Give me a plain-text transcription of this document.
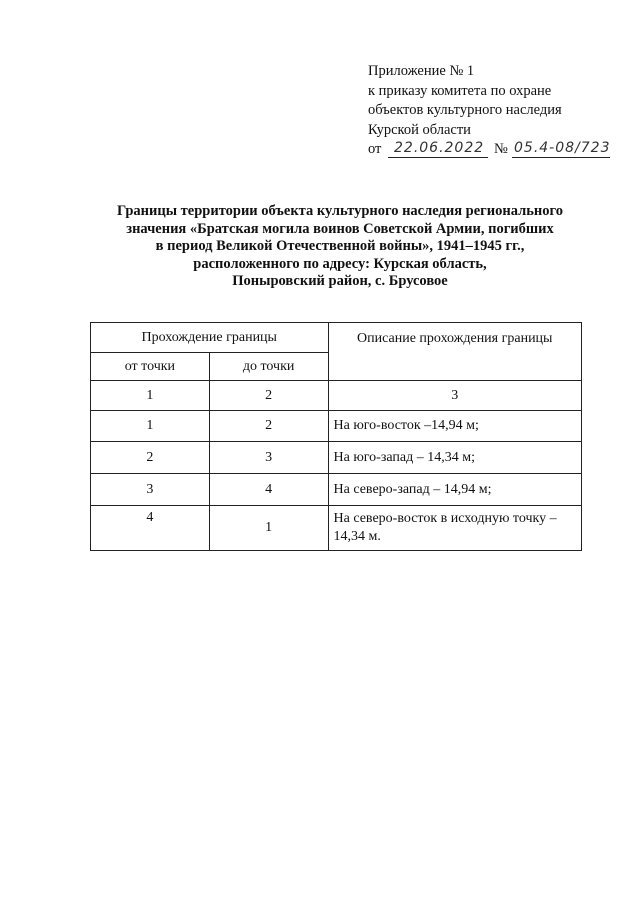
Приложение № 1
к приказу комитета по охране
объектов культурного наследия
Курской области
от 22.06.2022 № 05.4-08/723
Границы территории объекта культурного наследия регионального
значения «Братская могила воинов Советской Армии, погибших
в период Великой Отечественной войны», 1941–1945 гг.,
расположенного по адресу: Курская область,
Поныровский район, с. Брусовое
Прохождение границы		Описание прохождения границы
от точки	до точки	
1	2	3
1	2	На юго-восток –14,94 м;
2	3	На юго-запад – 14,34 м;
3	4	На северо-запад – 14,94 м;
4	1	На северо-восток в исходную точку – 14,34 м.
